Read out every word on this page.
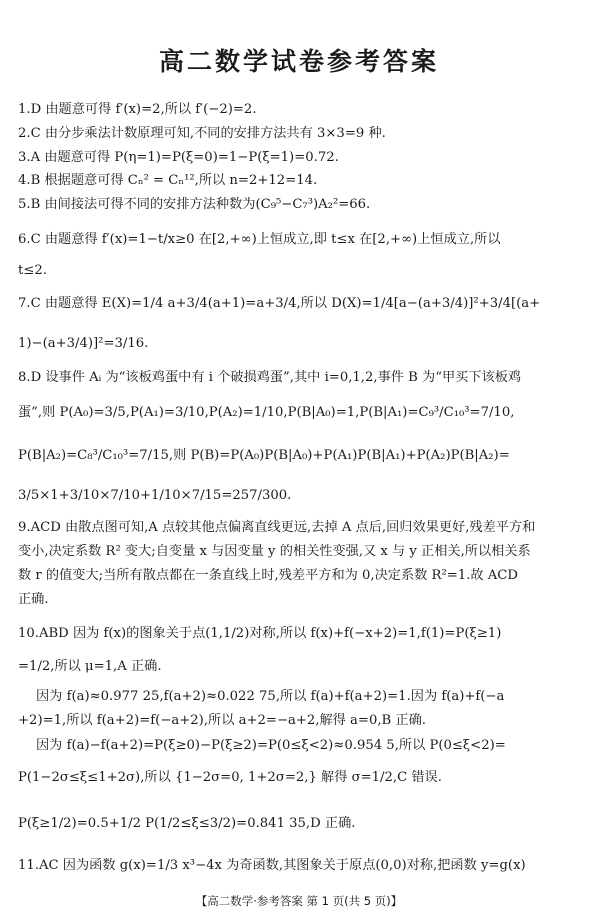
高二数学试卷参考答案
1.D 由题意可得 f′(x)=2,所以 f′(−2)=2.
2.C 由分步乘法计数原理可知,不同的安排方法共有 3×3=9 种.
3.A 由题意可得 P(η=1)=P(ξ=0)=1−P(ξ=1)=0.72.
4.B 根据题意可得 Cₙ² = Cₙ¹²,所以 n=2+12=14.
5.B 由间接法可得不同的安排方法种数为(C₉⁵−C₇³)A₂²=66.
6.C 由题意得 f′(x)=1−t/x≥0 在[2,+∞)上恒成立,即 t≤x 在[2,+∞)上恒成立,所以
t≤2.
7.C 由题意得 E(X)=1/4 a+3/4(a+1)=a+3/4,所以 D(X)=1/4[a−(a+3/4)]²+3/4[(a+
1)−(a+3/4)]²=3/16.
8.D 设事件 Aᵢ 为“该板鸡蛋中有 i 个破损鸡蛋”,其中 i=0,1,2,事件 B 为“甲买下该板鸡
蛋”,则 P(A₀)=3/5,P(A₁)=3/10,P(A₂)=1/10,P(B|A₀)=1,P(B|A₁)=C₉³/C₁₀³=7/10,
P(B|A₂)=C₈³/C₁₀³=7/15,则 P(B)=P(A₀)P(B|A₀)+P(A₁)P(B|A₁)+P(A₂)P(B|A₂)=
3/5×1+3/10×7/10+1/10×7/15=257/300.
9.ACD 由散点图可知,A 点较其他点偏离直线更远,去掉 A 点后,回归效果更好,残差平方和
变小,决定系数 R² 变大;自变量 x 与因变量 y 的相关性变强,又 x 与 y 正相关,所以相关系
数 r 的值变大;当所有散点都在一条直线上时,残差平方和为 0,决定系数 R²=1.故 ACD
正确.
10.ABD 因为 f(x)的图象关于点(1,1/2)对称,所以 f(x)+f(−x+2)=1,f(1)=P(ξ≥1)
=1/2,所以 μ=1,A 正确.
因为 f(a)≈0.977 25,f(a+2)≈0.022 75,所以 f(a)+f(a+2)=1.因为 f(a)+f(−a
+2)=1,所以 f(a+2)=f(−a+2),所以 a+2=−a+2,解得 a=0,B 正确.
因为 f(a)−f(a+2)=P(ξ≥0)−P(ξ≥2)=P(0≤ξ<2)≈0.954 5,所以 P(0≤ξ<2)=
P(1−2σ≤ξ≤1+2σ),所以 {1−2σ=0, 1+2σ=2,} 解得 σ=1/2,C 错误.
P(ξ≥1/2)=0.5+1/2 P(1/2≤ξ≤3/2)=0.841 35,D 正确.
11.AC 因为函数 g(x)=1/3 x³−4x 为奇函数,其图象关于原点(0,0)对称,把函数 y=g(x)
【高二数学·参考答案 第 1 页(共 5 页)】
